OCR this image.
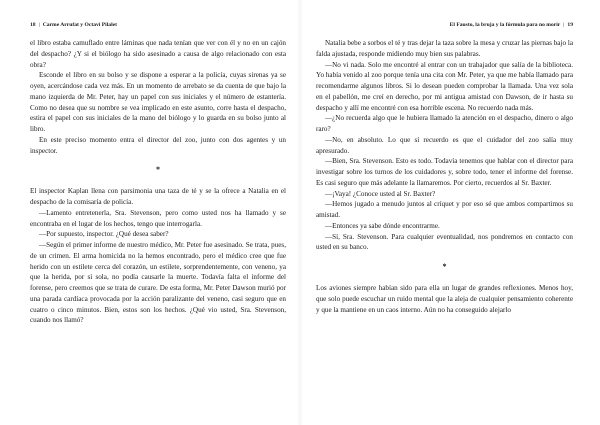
18 | Carme Arrufat y Octavi Pilalet

el libro estaba camuflado entre láminas que nada tenían que ver con él y no en un cajón del despacho? ¿Y si el biólogo ha sido asesinado a causa de algo relacionado con esta obra?

Esconde el libro en su bolso y se dispone a esperar a la policía, cuyas sirenas ya se oyen, acercándose cada vez más. En un momento de arrebato se da cuenta de que bajo la mano izquierda de Mr. Peter, hay un papel con sus iniciales y el número de estantería. Como no desea que su nombre se vea implicado en este asunto, corre hasta el despacho, estira el papel con sus iniciales de la mano del biólogo y lo guarda en su bolso junto al libro.

En este preciso momento entra el director del zoo, junto con dos agentes y un inspector.

*

El inspector Kaplan llena con parsimonia una taza de té y se la ofrece a Natalia en el despacho de la comisaría de policía.

—Lamento entretenerla, Sra. Stevenson, pero como usted nos ha llamado y se encontraba en el lugar de los hechos, tengo que interrogarla.

—Por supuesto, inspector. ¿Qué desea saber?

—Según el primer informe de nuestro médico, Mr. Peter fue asesinado. Se trata, pues, de un crimen. El arma homicida no la hemos encontrado, pero el médico cree que fue herido con un estilete cerca del corazón, un estilete, sorprendentemente, con veneno, ya que la herida, por sí sola, no podía causarle la muerte. Todavía falta el informe del forense, pero creemos que se trata de curare. De esta forma, Mr. Peter Dawson murió por una parada cardíaca provocada por la acción paralizante del veneno, casi seguro que en cuatro o cinco minutos. Bien, estos son los hechos. ¿Qué vio usted, Sra. Stevenson, cuando nos llamó?

El Fausto, la bruja y la fórmula para no morir | 19

Natalia bebe a sorbos el té y tras dejar la taza sobre la mesa y cruzar las piernas bajo la falda ajustada, responde midiendo muy bien sus palabras.

—No vi nada. Solo me encontré al entrar con un trabajador que salía de la biblioteca. Yo había venido al zoo porque tenía una cita con Mr. Peter, ya que me había llamado para recomendarme algunos libros. Si lo desean pueden comprobar la llamada. Una vez sola en el pabellón, me creí en derecho, por mi antigua amistad con Dawson, de ir hasta su despacho y allí me encontré con esa horrible escena. No recuerdo nada más.

—¿No recuerda algo que le hubiera llamado la atención en el despacho, dinero o algo raro?

—No, en absoluto. Lo que sí recuerdo es que el cuidador del zoo salía muy apresurado.

—Bien, Sra. Stevenson. Esto es todo. Todavía tenemos que hablar con el director para investigar sobre los turnos de los cuidadores y, sobre todo, tener el informe del forense. Es casi seguro que más adelante la llamaremos. Por cierto, recuerdos al Sr. Baxter.

—¡Vaya! ¿Conoce usted al Sr. Baxter?

—Hemos jugado a menudo juntos al críquet y por eso sé que ambos compartimos su amistad.

—Entonces ya sabe dónde encontrarme.

—Sí, Sra. Stevenson. Para cualquier eventualidad, nos pondremos en contacto con usted en su banco.

*

Los aviones siempre habían sido para ella un lugar de grandes reflexiones. Menos hoy, que solo puede escuchar un ruido mental que la aleja de cualquier pensamiento coherente y que la mantiene en un caos interno. Aún no ha conseguido alejarlo
